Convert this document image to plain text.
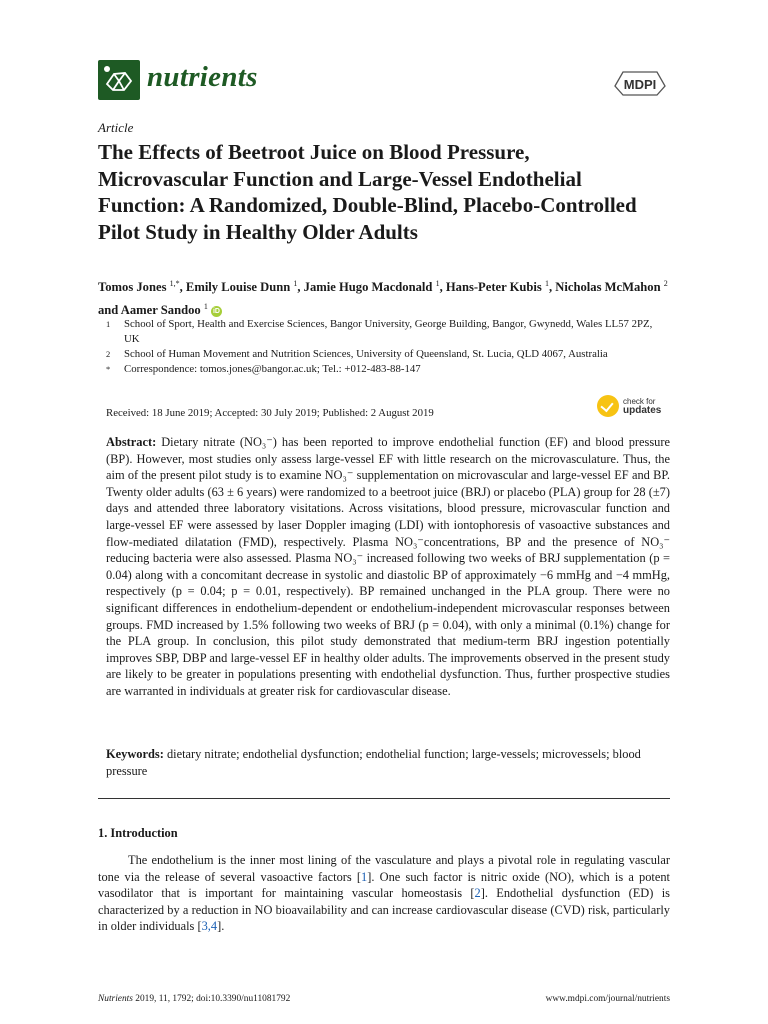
nutrients	MDPI
Article
The Effects of Beetroot Juice on Blood Pressure, Microvascular Function and Large-Vessel Endothelial Function: A Randomized, Double-Blind, Placebo-Controlled Pilot Study in Healthy Older Adults
Tomos Jones $^{1,*}$, Emily Louise Dunn $^1$, Jamie Hugo Macdonald $^1$, Hans-Peter Kubis $^1$, Nicholas McMahon $^2$ and Aamer Sandoo $^1$ iD
1	School of Sport, Health and Exercise Sciences, Bangor University, George Building, Bangor, Gwynedd, Wales LL57 2PZ, UK
2	School of Human Movement and Nutrition Sciences, University of Queensland, St. Lucia, QLD 4067, Australia
*	Correspondence: tomos.jones@bangor.ac.uk; Tel.: +012-483-88-147
Received: 18 June 2019; Accepted: 30 July 2019; Published: 2 August 2019
check for
updates

Abstract: Dietary nitrate (NO₃⁻) has been reported to improve endothelial function (EF) and blood pressure (BP). However, most studies only assess large-vessel EF with little research on the microvasculature. Thus, the aim of the present pilot study is to examine NO₃⁻ supplementation on microvascular and large-vessel EF and BP. Twenty older adults (63 ± 6 years) were randomized to a beetroot juice (BRJ) or placebo (PLA) group for 28 (±7) days and attended three laboratory visitations. Across visitations, blood pressure, microvascular function and large-vessel EF were assessed by laser Doppler imaging (LDI) with iontophoresis of vasoactive substances and flow-mediated dilatation (FMD), respectively. Plasma NO₃⁻concentrations, BP and the presence of NO₃⁻ reducing bacteria were also assessed. Plasma NO₃⁻ increased following two weeks of BRJ supplementation (p = 0.04) along with a concomitant decrease in systolic and diastolic BP of approximately −6 mmHg and −4 mmHg, respectively (p = 0.04; p = 0.01, respectively). BP remained unchanged in the PLA group. There were no significant differences in endothelium-dependent or endothelium-independent microvascular responses between groups. FMD increased by 1.5% following two weeks of BRJ (p = 0.04), with only a minimal (0.1%) change for the PLA group. In conclusion, this pilot study demonstrated that medium-term BRJ ingestion potentially improves SBP, DBP and large-vessel EF in healthy older adults. The improvements observed in the present study are likely to be greater in populations presenting with endothelial dysfunction. Thus, further prospective studies are warranted in individuals at greater risk for cardiovascular disease.

Keywords: dietary nitrate; endothelial dysfunction; endothelial function; large-vessels; microvessels; blood pressure

1. Introduction

The endothelium is the inner most lining of the vasculature and plays a pivotal role in regulating vascular tone via the release of several vasoactive factors [1]. One such factor is nitric oxide (NO), which is a potent vasodilator that is important for maintaining vascular homeostasis [2]. Endothelial dysfunction (ED) is characterized by a reduction in NO bioavailability and can increase cardiovascular disease (CVD) risk, particularly in older individuals [3,4].

Nutrients 2019, 11, 1792; doi:10.3390/nu11081792	www.mdpi.com/journal/nutrients
